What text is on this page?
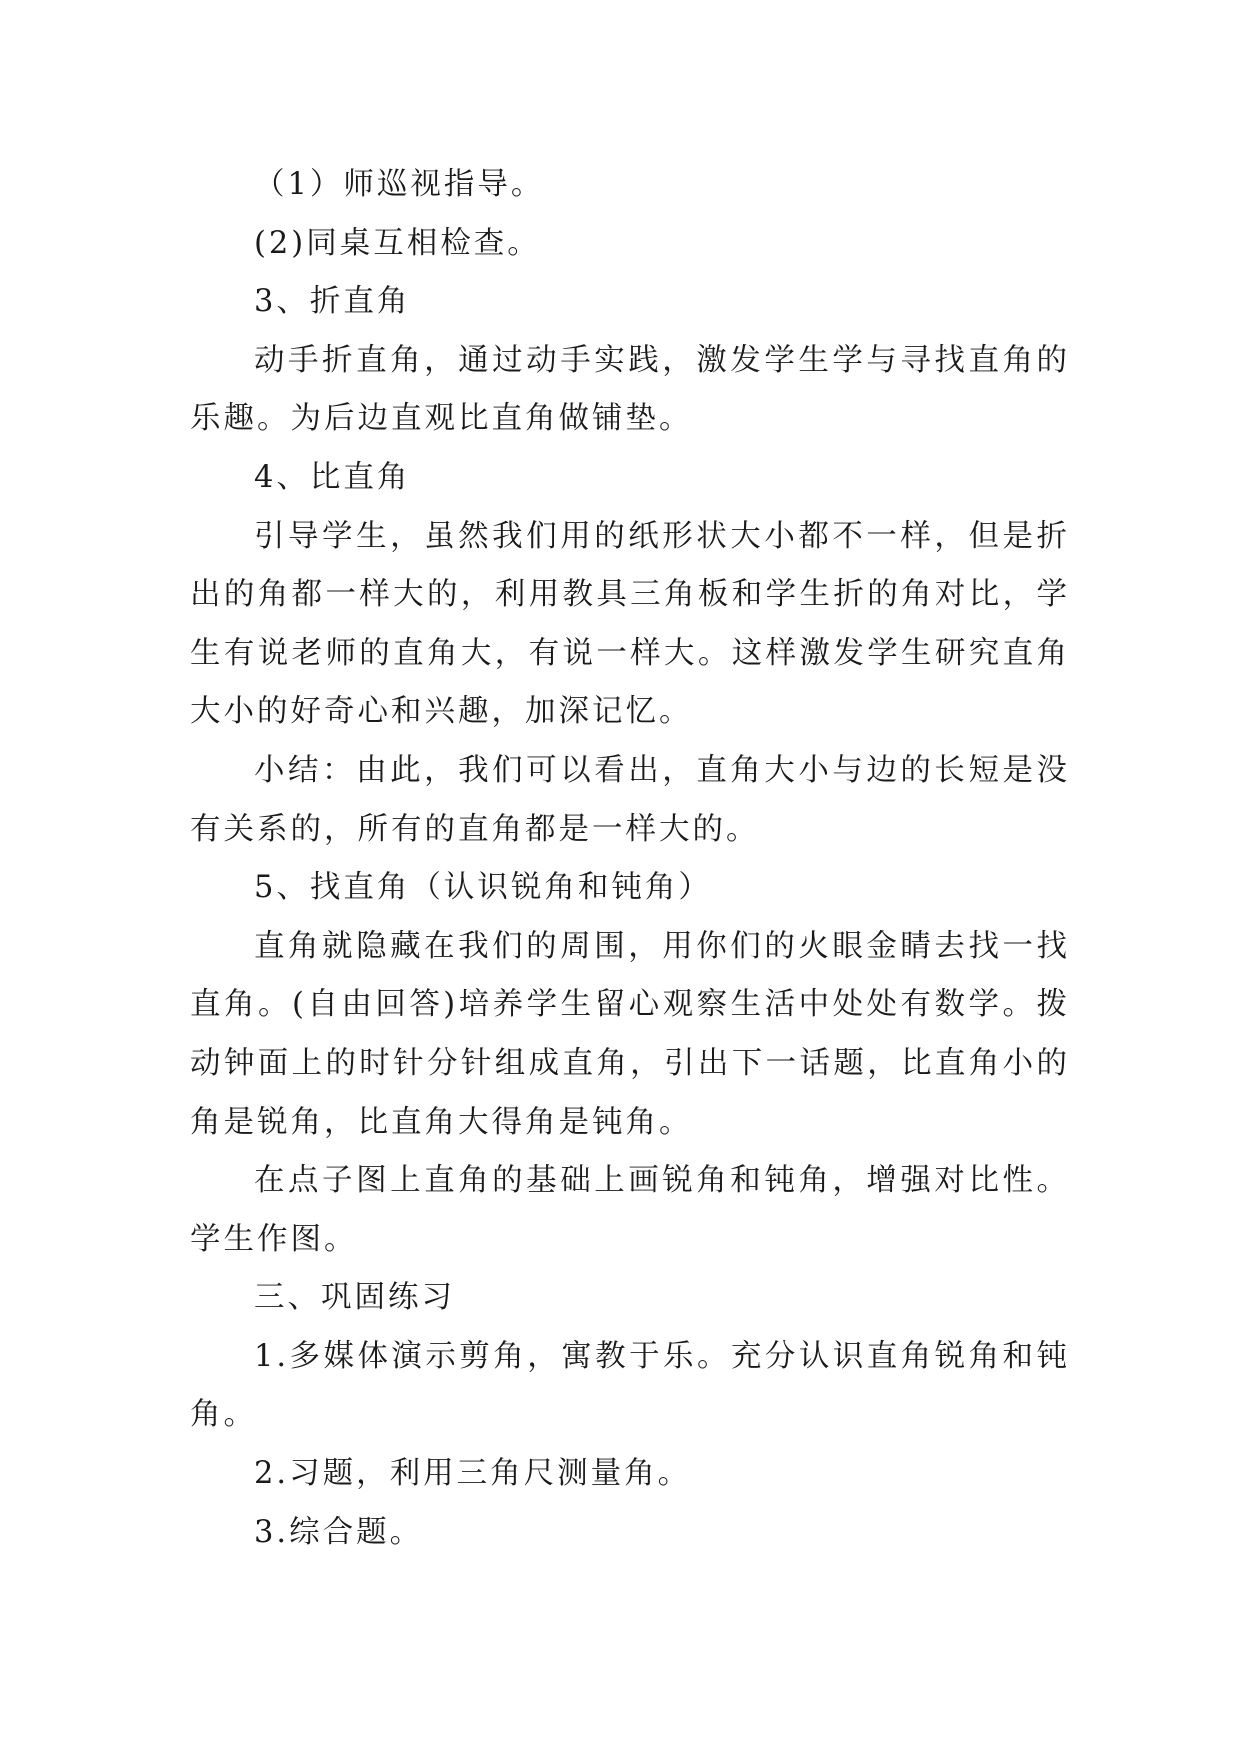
（1）师巡视指导。

(2)同桌互相检查。

3、折直角

动手折直角，通过动手实践，激发学生学与寻找直角的乐趣。为后边直观比直角做铺垫。

4、比直角

引导学生，虽然我们用的纸形状大小都不一样，但是折出的角都一样大的，利用教具三角板和学生折的角对比，学生有说老师的直角大，有说一样大。这样激发学生研究直角大小的好奇心和兴趣，加深记忆。

小结：由此，我们可以看出，直角大小与边的长短是没有关系的，所有的直角都是一样大的。

5、找直角（认识锐角和钝角）

直角就隐藏在我们的周围，用你们的火眼金睛去找一找直角。(自由回答)培养学生留心观察生活中处处有数学。拨动钟面上的时针分针组成直角，引出下一话题，比直角小的角是锐角，比直角大得角是钝角。

在点子图上直角的基础上画锐角和钝角，增强对比性。学生作图。

三、巩固练习

1.多媒体演示剪角，寓教于乐。充分认识直角锐角和钝角。

2.习题，利用三角尺测量角。

3.综合题。
